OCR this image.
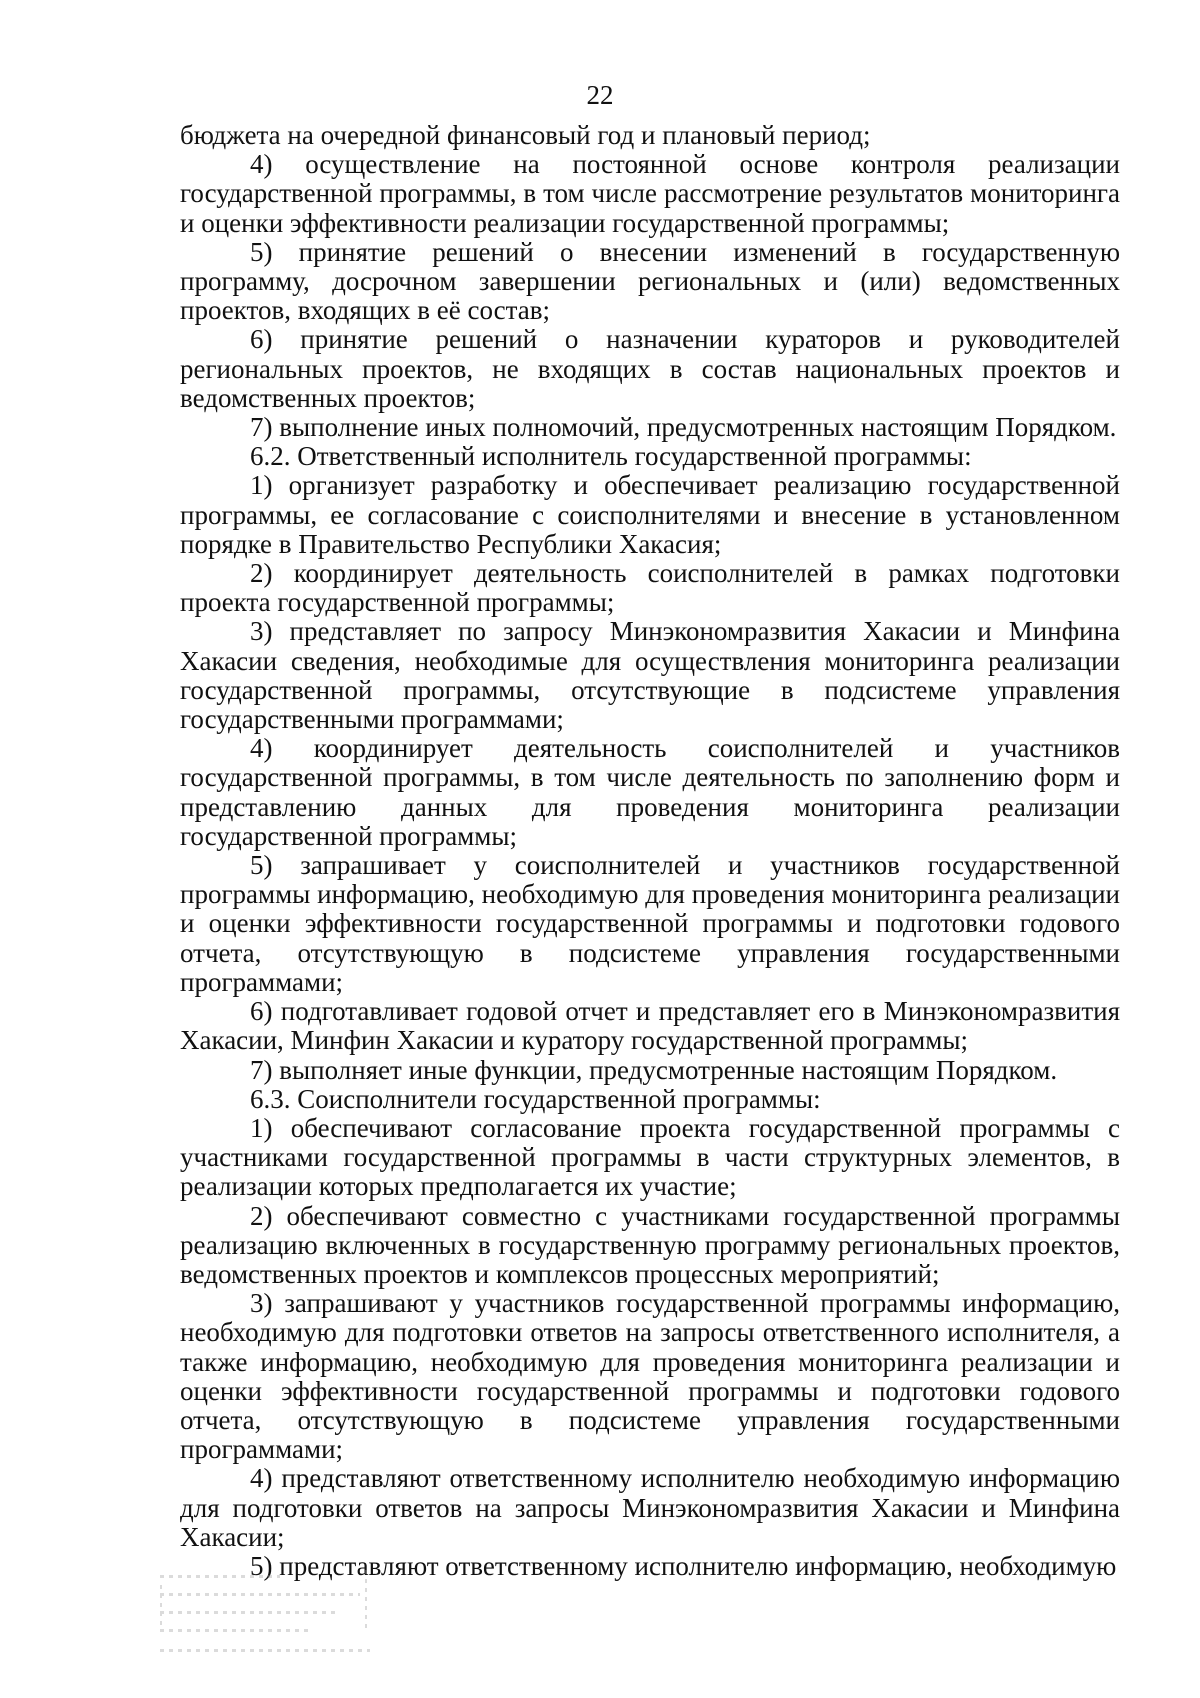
22

бюджета на очередной финансовый год и плановый период;

4) осуществление на постоянной основе контроля реализации государственной программы, в том числе рассмотрение результатов мониторинга и оценки эффективности реализации государственной программы;

5) принятие решений о внесении изменений в государственную программу, досрочном завершении региональных и (или) ведомственных проектов, входящих в её состав;

6) принятие решений о назначении кураторов и руководителей региональных проектов, не входящих в состав национальных проектов и ведомственных проектов;

7) выполнение иных полномочий, предусмотренных настоящим Порядком.

6.2. Ответственный исполнитель государственной программы:

1) организует разработку и обеспечивает реализацию государственной программы, ее согласование с соисполнителями и внесение в установленном порядке в Правительство Республики Хакасия;

2) координирует деятельность соисполнителей в рамках подготовки проекта государственной программы;

3) представляет по запросу Минэкономразвития Хакасии и Минфина Хакасии сведения, необходимые для осуществления мониторинга реализации государственной программы, отсутствующие в подсистеме управления государственными программами;

4) координирует деятельность соисполнителей и участников государственной программы, в том числе деятельность по заполнению форм и представлению данных для проведения мониторинга реализации государственной программы;

5) запрашивает у соисполнителей и участников государственной программы информацию, необходимую для проведения мониторинга реализации и оценки эффективности государственной программы и подготовки годового отчета, отсутствующую в подсистеме управления государственными программами;

6) подготавливает годовой отчет и представляет его в Минэкономразвития Хакасии, Минфин Хакасии и куратору государственной программы;

7) выполняет иные функции, предусмотренные настоящим Порядком.

6.3. Соисполнители государственной программы:

1) обеспечивают согласование проекта государственной программы с участниками государственной программы в части структурных элементов, в реализации которых предполагается их участие;

2) обеспечивают совместно с участниками государственной программы реализацию включенных в государственную программу региональных проектов, ведомственных проектов и комплексов процессных мероприятий;

3) запрашивают у участников государственной программы информацию, необходимую для подготовки ответов на запросы ответственного исполнителя, а также информацию, необходимую для проведения мониторинга реализации и оценки эффективности государственной программы и подготовки годового отчета, отсутствующую в подсистеме управления государственными программами;

4) представляют ответственному исполнителю необходимую информацию для подготовки ответов на запросы Минэкономразвития Хакасии и Минфина Хакасии;

5) представляют ответственному исполнителю информацию, необходимую
